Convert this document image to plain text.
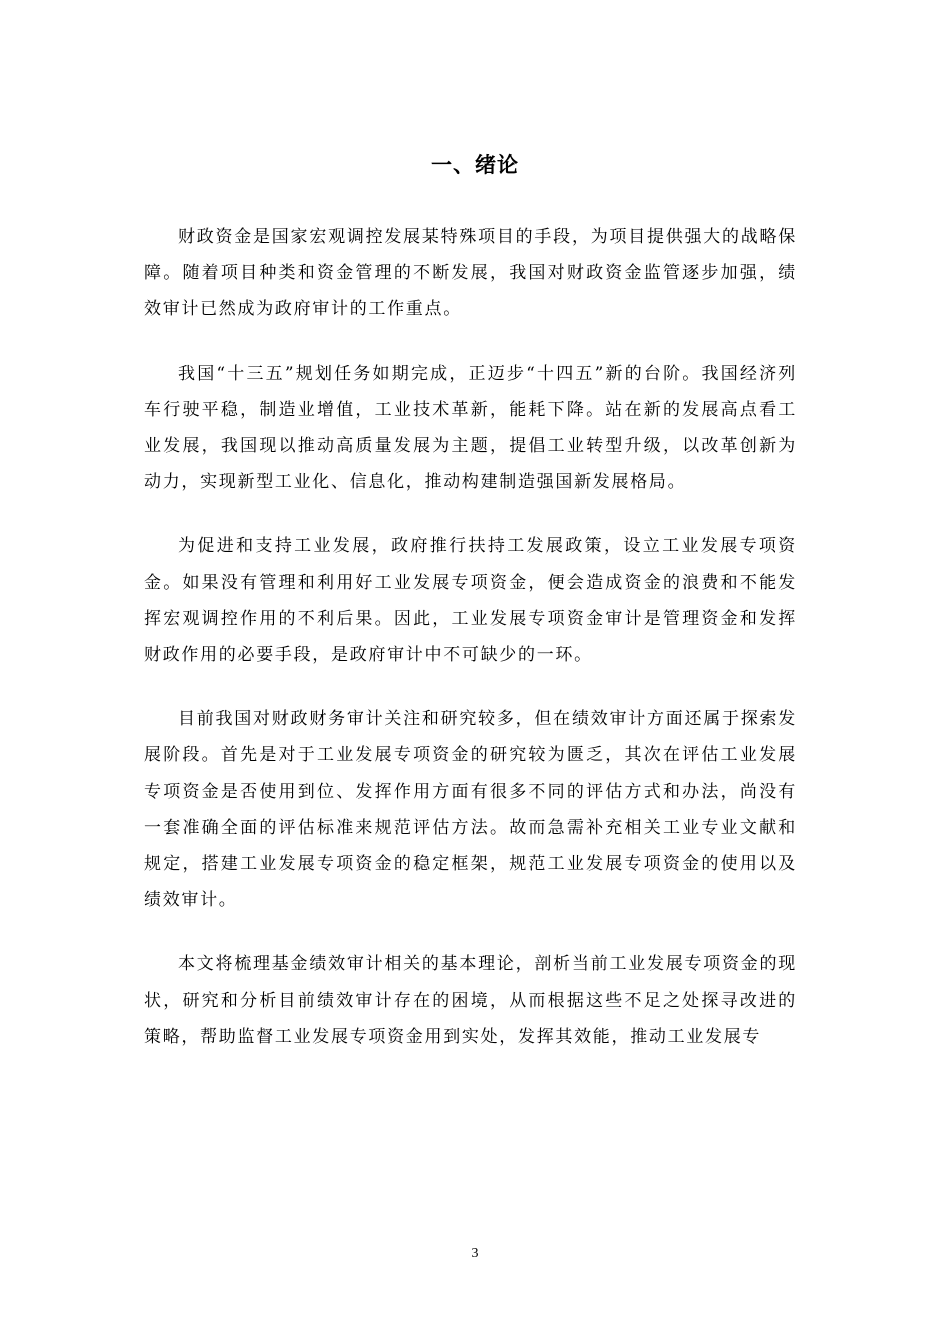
一、绪论

财政资金是国家宏观调控发展某特殊项目的手段，为项目提供强大的战略保障。随着项目种类和资金管理的不断发展，我国对财政资金监管逐步加强，绩效审计已然成为政府审计的工作重点。

我国“十三五”规划任务如期完成，正迈步“十四五”新的台阶。我国经济列车行驶平稳，制造业增值，工业技术革新，能耗下降。站在新的发展高点看工业发展，我国现以推动高质量发展为主题，提倡工业转型升级，以改革创新为动力，实现新型工业化、信息化，推动构建制造强国新发展格局。

为促进和支持工业发展，政府推行扶持工发展政策，设立工业发展专项资金。如果没有管理和利用好工业发展专项资金，便会造成资金的浪费和不能发挥宏观调控作用的不利后果。因此，工业发展专项资金审计是管理资金和发挥财政作用的必要手段，是政府审计中不可缺少的一环。

目前我国对财政财务审计关注和研究较多，但在绩效审计方面还属于探索发展阶段。首先是对于工业发展专项资金的研究较为匮乏，其次在评估工业发展专项资金是否使用到位、发挥作用方面有很多不同的评估方式和办法，尚没有一套准确全面的评估标准来规范评估方法。故而急需补充相关工业专业文献和规定，搭建工业发展专项资金的稳定框架，规范工业发展专项资金的使用以及绩效审计。

本文将梳理基金绩效审计相关的基本理论，剖析当前工业发展专项资金的现状，研究和分析目前绩效审计存在的困境，从而根据这些不足之处探寻改进的策略，帮助监督工业发展专项资金用到实处，发挥其效能，推动工业发展专

3
